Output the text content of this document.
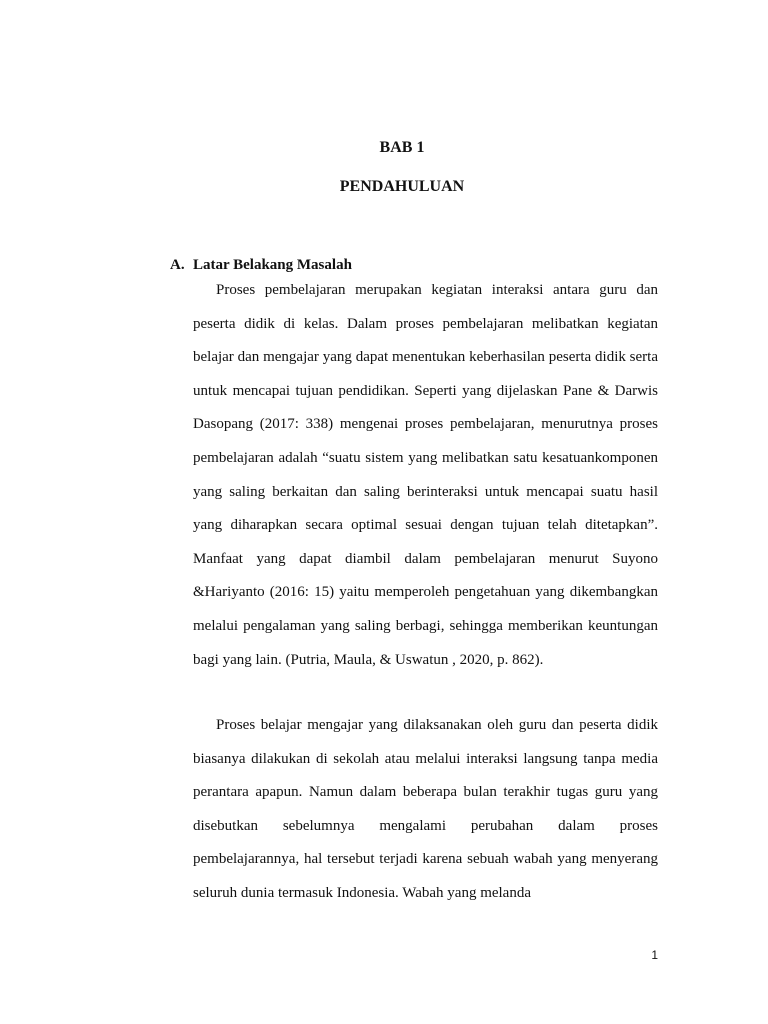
BAB 1
PENDAHULUAN
A. Latar Belakang Masalah

Proses pembelajaran merupakan kegiatan interaksi antara guru dan peserta didik di kelas. Dalam proses pembelajaran melibatkan kegiatan belajar dan mengajar yang dapat menentukan keberhasilan peserta didik serta untuk mencapai tujuan pendidikan. Seperti yang dijelaskan Pane & Darwis Dasopang (2017: 338) mengenai proses pembelajaran, menurutnya proses pembelajaran adalah “suatu sistem yang melibatkan satu kesatuankomponen yang saling berkaitan dan saling berinteraksi untuk mencapai suatu hasil yang diharapkan secara optimal sesuai dengan tujuan telah ditetapkan”. Manfaat yang dapat diambil dalam pembelajaran menurut Suyono &Hariyanto (2016: 15) yaitu memperoleh pengetahuan yang dikembangkan melalui pengalaman yang saling berbagi, sehingga memberikan keuntungan bagi yang lain. (Putria, Maula, & Uswatun , 2020, p. 862).

Proses belajar mengajar yang dilaksanakan oleh guru dan peserta didik biasanya dilakukan di sekolah atau melalui interaksi langsung tanpa media perantara apapun. Namun dalam beberapa bulan terakhir tugas guru yang disebutkan sebelumnya mengalami perubahan dalam proses pembelajarannya, hal tersebut terjadi karena sebuah wabah yang menyerang seluruh dunia termasuk Indonesia. Wabah yang melanda

1
